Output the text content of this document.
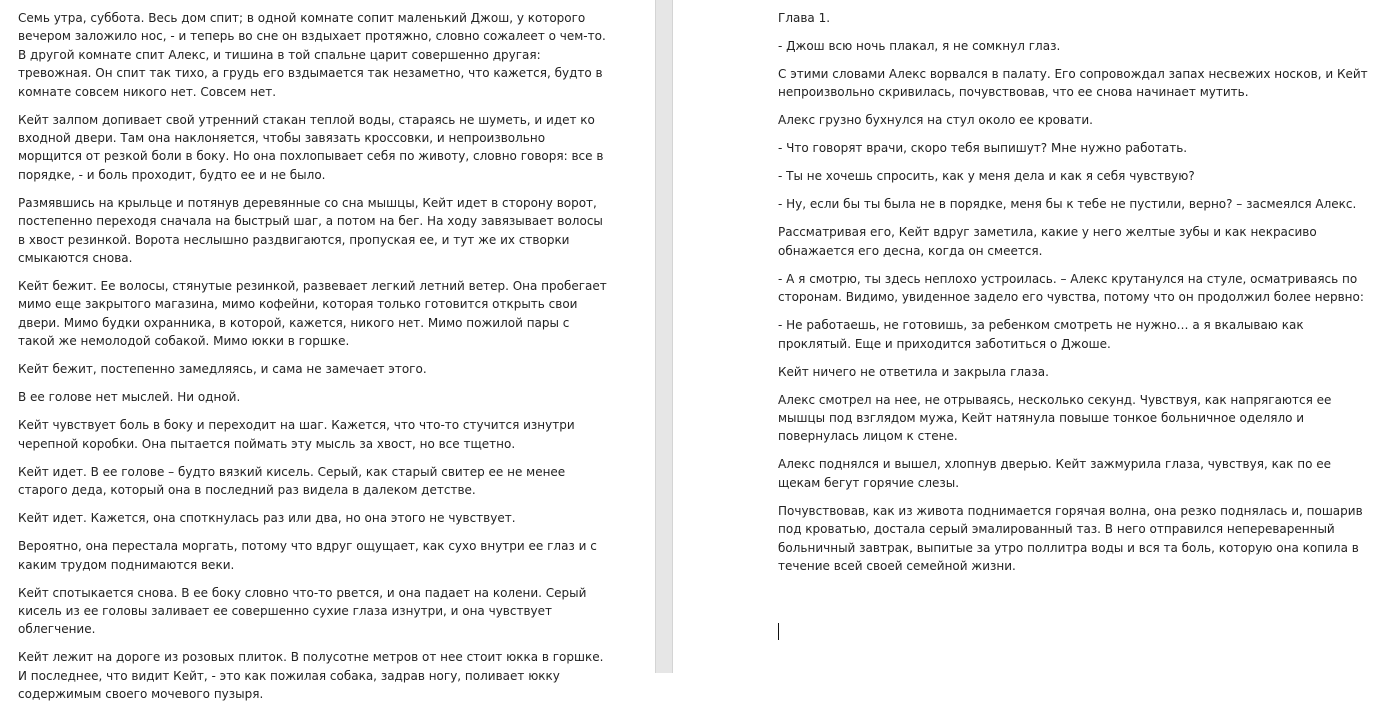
Семь утра, суббота. Весь дом спит; в одной комнате сопит маленький Джош, у которого вечером заложило нос, - и теперь во сне он вздыхает протяжно, словно сожалеет о чем-то. В другой комнате спит Алекс, и тишина в той спальне царит совершенно другая: тревожная. Он спит так тихо, а грудь его вздымается так незаметно, что кажется, будто в комнате совсем никого нет. Совсем нет.

Кейт залпом допивает свой утренний стакан теплой воды, стараясь не шуметь, и идет ко входной двери. Там она наклоняется, чтобы завязать кроссовки, и непроизвольно морщится от резкой боли в боку. Но она похлопывает себя по животу, словно говоря: все в порядке, - и боль проходит, будто ее и не было.

Размявшись на крыльце и потянув деревянные со сна мышцы, Кейт идет в сторону ворот, постепенно переходя сначала на быстрый шаг, а потом на бег. На ходу завязывает волосы в хвост резинкой. Ворота неслышно раздвигаются, пропуская ее, и тут же их створки смыкаются снова.

Кейт бежит. Ее волосы, стянутые резинкой, развевает легкий летний ветер. Она пробегает мимо еще закрытого магазина, мимо кофейни, которая только готовится открыть свои двери. Мимо будки охранника, в которой, кажется, никого нет. Мимо пожилой пары с такой же немолодой собакой. Мимо юкки в горшке.

Кейт бежит, постепенно замедляясь, и сама не замечает этого.

В ее голове нет мыслей. Ни одной.

Кейт чувствует боль в боку и переходит на шаг. Кажется, что что-то стучится изнутри черепной коробки. Она пытается поймать эту мысль за хвост, но все тщетно.

Кейт идет. В ее голове – будто вязкий кисель. Серый, как старый свитер ее не менее старого деда, который она в последний раз видела в далеком детстве.

Кейт идет. Кажется, она споткнулась раз или два, но она этого не чувствует.

Вероятно, она перестала моргать, потому что вдруг ощущает, как сухо внутри ее глаз и с каким трудом поднимаются веки.

Кейт спотыкается снова. В ее боку словно что-то рвется, и она падает на колени. Серый кисель из ее головы заливает ее совершенно сухие глаза изнутри, и она чувствует облегчение.

Кейт лежит на дороге из розовых плиток. В полусотне метров от нее стоит юкка в горшке. И последнее, что видит Кейт, - это как пожилая собака, задрав ногу, поливает юкку содержимым своего мочевого пузыря.

Глава 1.

- Джош всю ночь плакал, я не сомкнул глаз.

С этими словами Алекс ворвался в палату. Его сопровождал запах несвежих носков, и Кейт непроизвольно скривилась, почувствовав, что ее снова начинает мутить.

Алекс грузно бухнулся на стул около ее кровати.

- Что говорят врачи, скоро тебя выпишут? Мне нужно работать.

- Ты не хочешь спросить, как у меня дела и как я себя чувствую?

- Ну, если бы ты была не в порядке, меня бы к тебе не пустили, верно? – засмеялся Алекс.

Рассматривая его, Кейт вдруг заметила, какие у него желтые зубы и как некрасиво обнажается его десна, когда он смеется.

- А я смотрю, ты здесь неплохо устроилась. – Алекс крутанулся на стуле, осматриваясь по сторонам. Видимо, увиденное задело его чувства, потому что он продолжил более нервно:

- Не работаешь, не готовишь, за ребенком смотреть не нужно… а я вкалываю как проклятый. Еще и приходится заботиться о Джоше.

Кейт ничего не ответила и закрыла глаза.

Алекс смотрел на нее, не отрываясь, несколько секунд. Чувствуя, как напрягаются ее мышцы под взглядом мужа, Кейт натянула повыше тонкое больничное оделяло и повернулась лицом к стене.

Алекс поднялся и вышел, хлопнув дверью. Кейт зажмурила глаза, чувствуя, как по ее щекам бегут горячие слезы.

Почувствовав, как из живота поднимается горячая волна, она резко поднялась и, пошарив под кроватью, достала серый эмалированный таз. В него отправился непереваренный больничный завтрак, выпитые за утро поллитра воды и вся та боль, которую она копила в течение всей своей семейной жизни.
